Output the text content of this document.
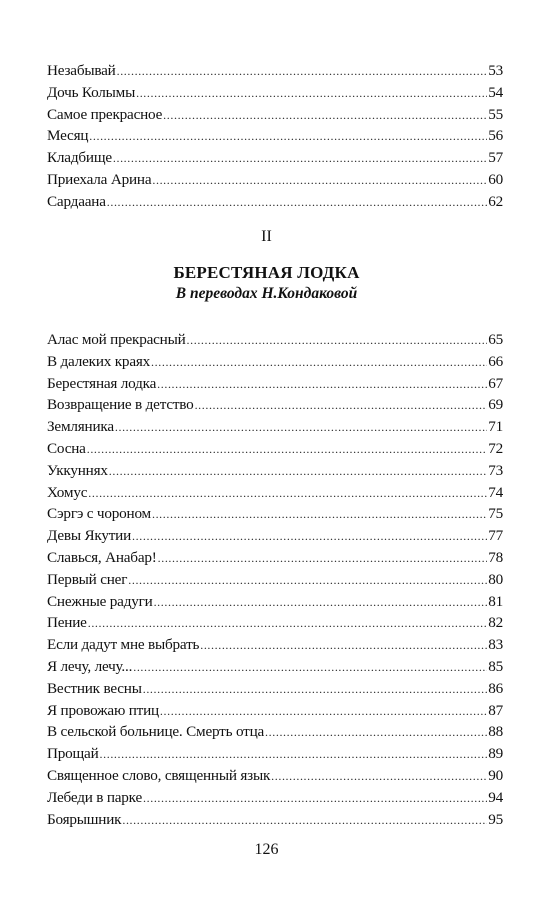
Незабывай .....	53
Дочь Колымы .....	54
Самое прекрасное .....	55
Месяц .....	56
Кладбище .....	57
Приехала Арина .....	60
Сардаана .....	62
II
БЕРЕСТЯНАЯ ЛОДКА
В переводах Н.Кондаковой
Алас мой прекрасный .....	65
В далеких краях .....	66
Берестяная лодка .....	67
Возвращение в детство .....	69
Земляника .....	71
Сосна .....	72
Уккуннях .....	73
Хомус .....	74
Сэргэ с чороном .....	75
Девы Якутии .....	77
Славься, Анабар! .....	78
Первый снег .....	80
Снежные радуги .....	81
Пение .....	82
Если дадут мне выбрать .....	83
Я лечу, лечу... .....	85
Вестник весны .....	86
Я провожаю птиц .....	87
В сельской больнице. Смерть отца .....	88
Прощай .....	89
Священное слово, священный язык .....	90
Лебеди в парке .....	94
Боярышник .....	95
126
